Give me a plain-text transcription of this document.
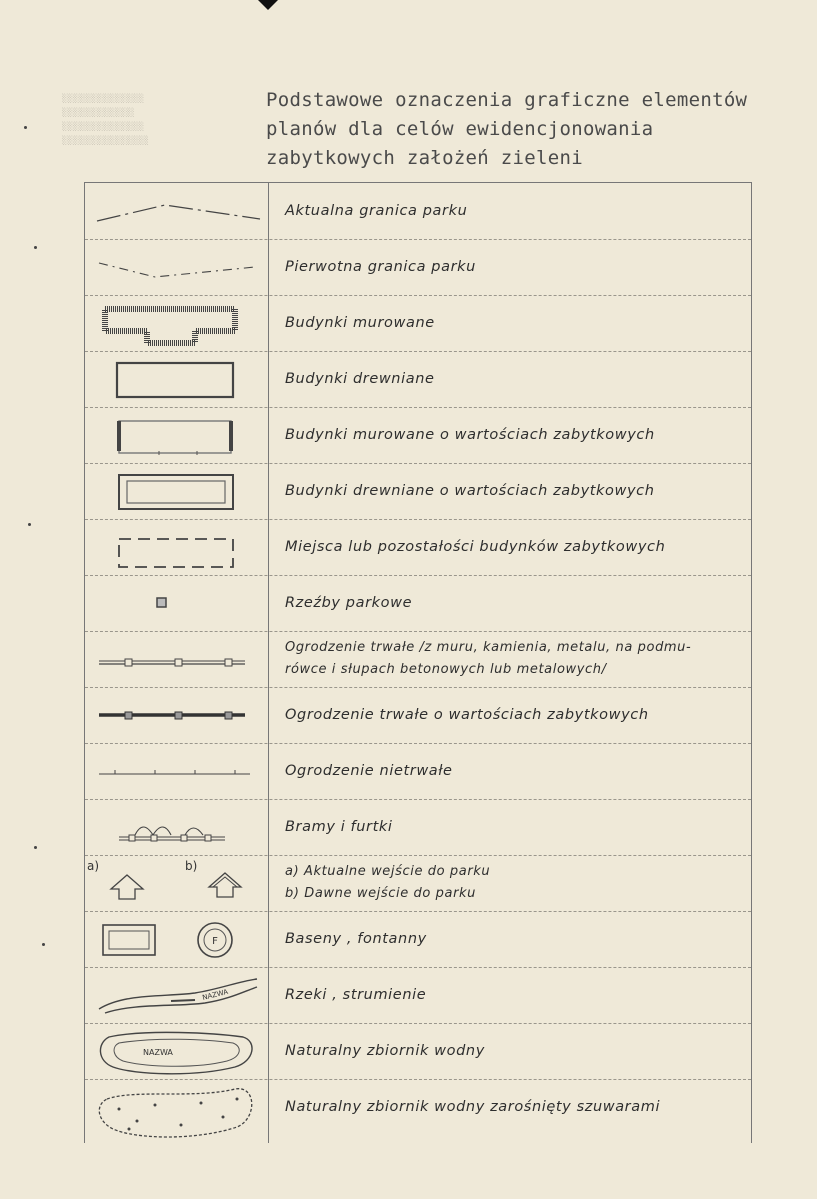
░░░░░░░░░░░░░░░░░
░░░░░░░░░░░░░░░
░░░░░░░░░░░░░░░░░
░░░░░░░░░░░░░░░░░░
Podstawowe oznaczenia graficzne elementów
planów dla celów ewidencjonowania
zabytkowych założeń zieleni
Aktualna granica parku
Pierwotna granica parku
Budynki murowane
Budynki drewniane
Budynki murowane o wartościach zabytkowych
Budynki drewniane o wartościach zabytkowych
Miejsca lub pozostałości budynków zabytkowych
Rzeźby parkowe
Ogrodzenie trwałe /z muru, kamienia, metalu, na podmu-
rówce i słupach betonowych lub metalowych/
Ogrodzenie trwałe o wartościach zabytkowych
Ogrodzenie nietrwałe
Bramy i furtki
a)	b)	a) Aktualne wejście do parku
b) Dawne wejście do parku
F	Baseny , fontanny
NAZWA	Rzeki , strumienie
NAZWA	Naturalny zbiornik wodny
Naturalny zbiornik wodny zarośnięty szuwarami
